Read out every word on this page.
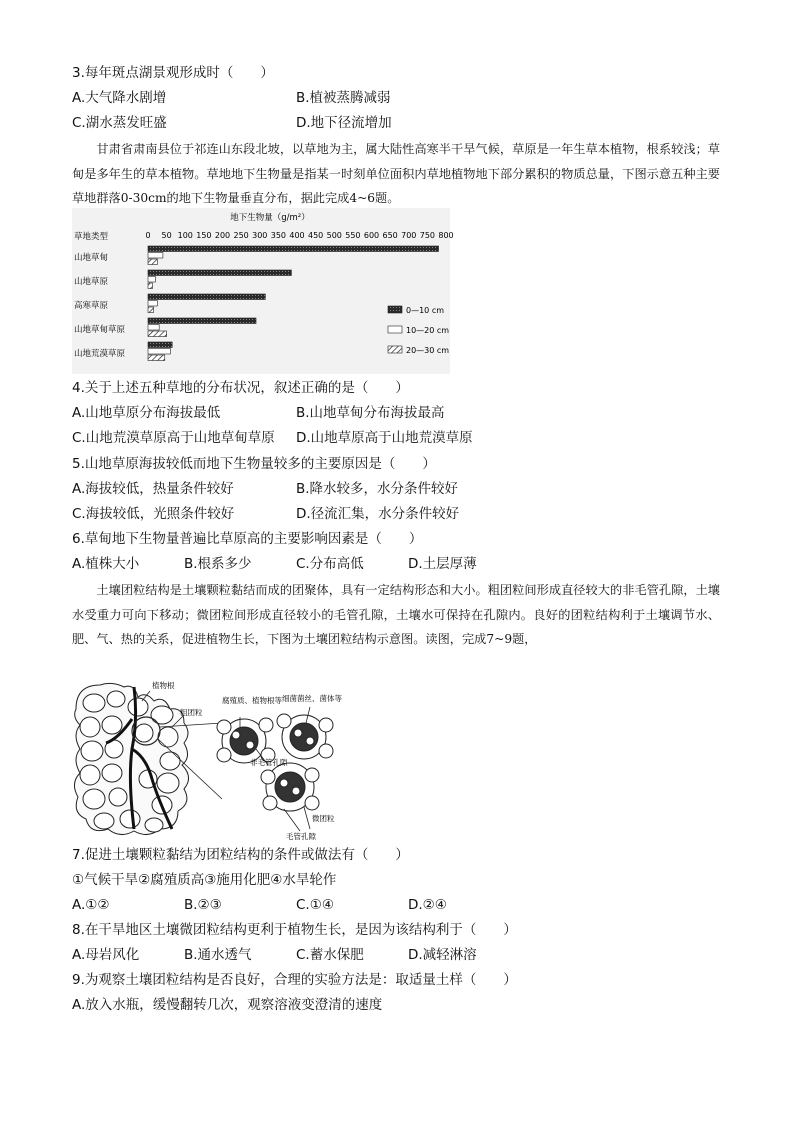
3.每年斑点湖景观形成时（　　）
A.大气降水剧增	B.植被蒸腾减弱
C.湖水蒸发旺盛	D.地下径流增加
甘肃省肃南县位于祁连山东段北坡，以草地为主，属大陆性高寒半干旱气候，草原是一年生草本植物，根系较浅；草甸是多年生的草本植物。草地地下生物量是指某一时刻单位面积内草地植物地下部分累积的物质总量，下图示意五种主要草地群落0-30cm的地下生物量垂直分布，据此完成4~6题。
地下生物量（g/m²）
草地类型	0 50 100 150 200 250 300 350 400 450 500 550 600 650 700 750 800
山地草甸
山地草原
高寒草原
山地草甸草原
山地荒漠草原
0—10 cm
10—20 cm
20—30 cm
4.关于上述五种草地的分布状况，叙述正确的是（　　）
A.山地草原分布海拔最低	B.山地草甸分布海拔最高
C.山地荒漠草原高于山地草甸草原 D.山地草原高于山地荒漠草原
5.山地草原海拔较低而地下生物量较多的主要原因是（　　）
A.海拔较低，热量条件较好	B.降水较多，水分条件较好
C.海拔较低，光照条件较好	D.径流汇集，水分条件较好
6.草甸地下生物量普遍比草原高的主要影响因素是（　　）
A.植株大小	B.根系多少	C.分布高低	D.土层厚薄
土壤团粒结构是土壤颗粒黏结而成的团聚体，具有一定结构形态和大小。粗团粒间形成直径较大的非毛管孔隙，土壤水受重力可向下移动；微团粒间形成直径较小的毛管孔隙，土壤水可保持在孔隙内。良好的团粒结构利于土壤调节水、肥、气、热的关系，促进植物生长，下图为土壤团粒结构示意图。读图，完成7~9题，
植物根
粗团粒
腐殖质、植物根等 细菌菌丝、菌体等
非毛管孔隙
微团粒
毛管孔隙
7.促进土壤颗粒黏结为团粒结构的条件或做法有（　　）
①气候干旱②腐殖质高③施用化肥④水旱轮作
A.①②	B.②③	C.①④	D.②④
8.在干旱地区土壤微团粒结构更利于植物生长，是因为该结构利于（　　）
A.母岩风化	B.通水透气	C.蓄水保肥	D.减轻淋溶
9.为观察土壤团粒结构是否良好，合理的实验方法是：取适量土样（　　）
A.放入水瓶，缓慢翻转几次，观察溶液变澄清的速度
